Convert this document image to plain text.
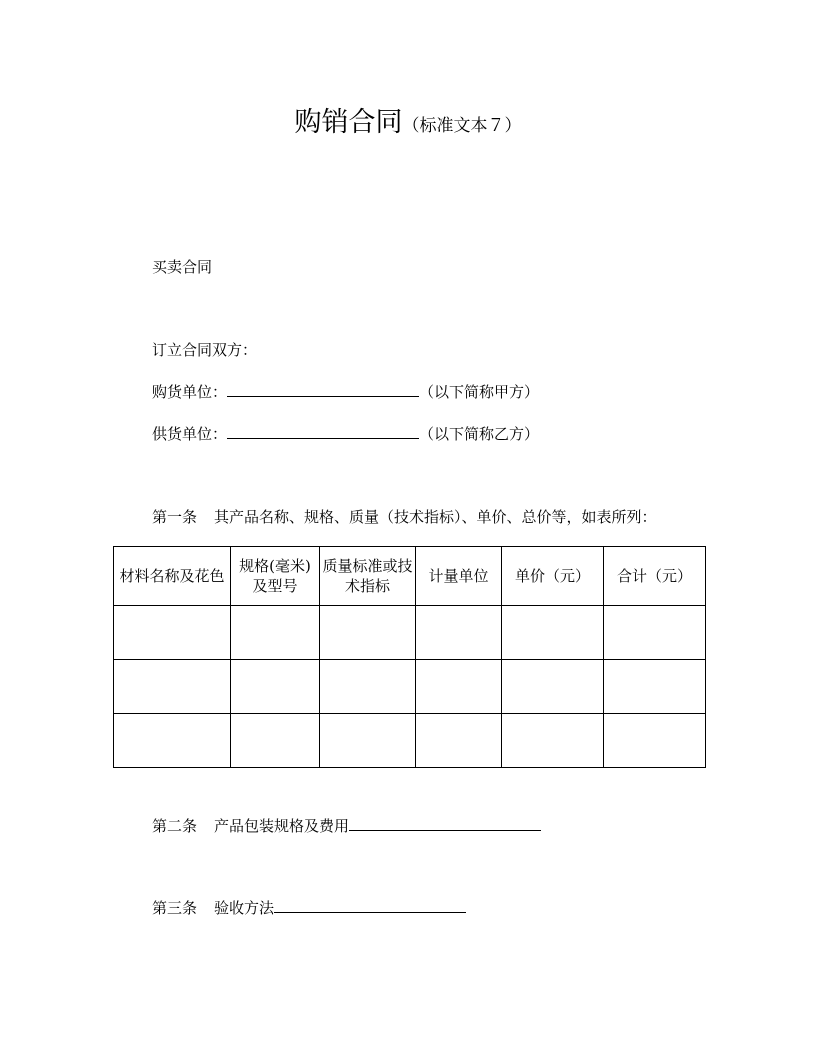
购销合同（标准文本７）
买卖合同
订立合同双方：
购货单位：	（以下简称甲方）
供货单位：	（以下简称乙方）
第一条 其产品名称、规格、质量（技术指标）、单价、总价等，如表所列：
材料名称及花色	规格(毫米)及型号	质量标准或技术指标	计量单位	单价（元）	合计（元）

第二条 产品包装规格及费用
第三条 验收方法
